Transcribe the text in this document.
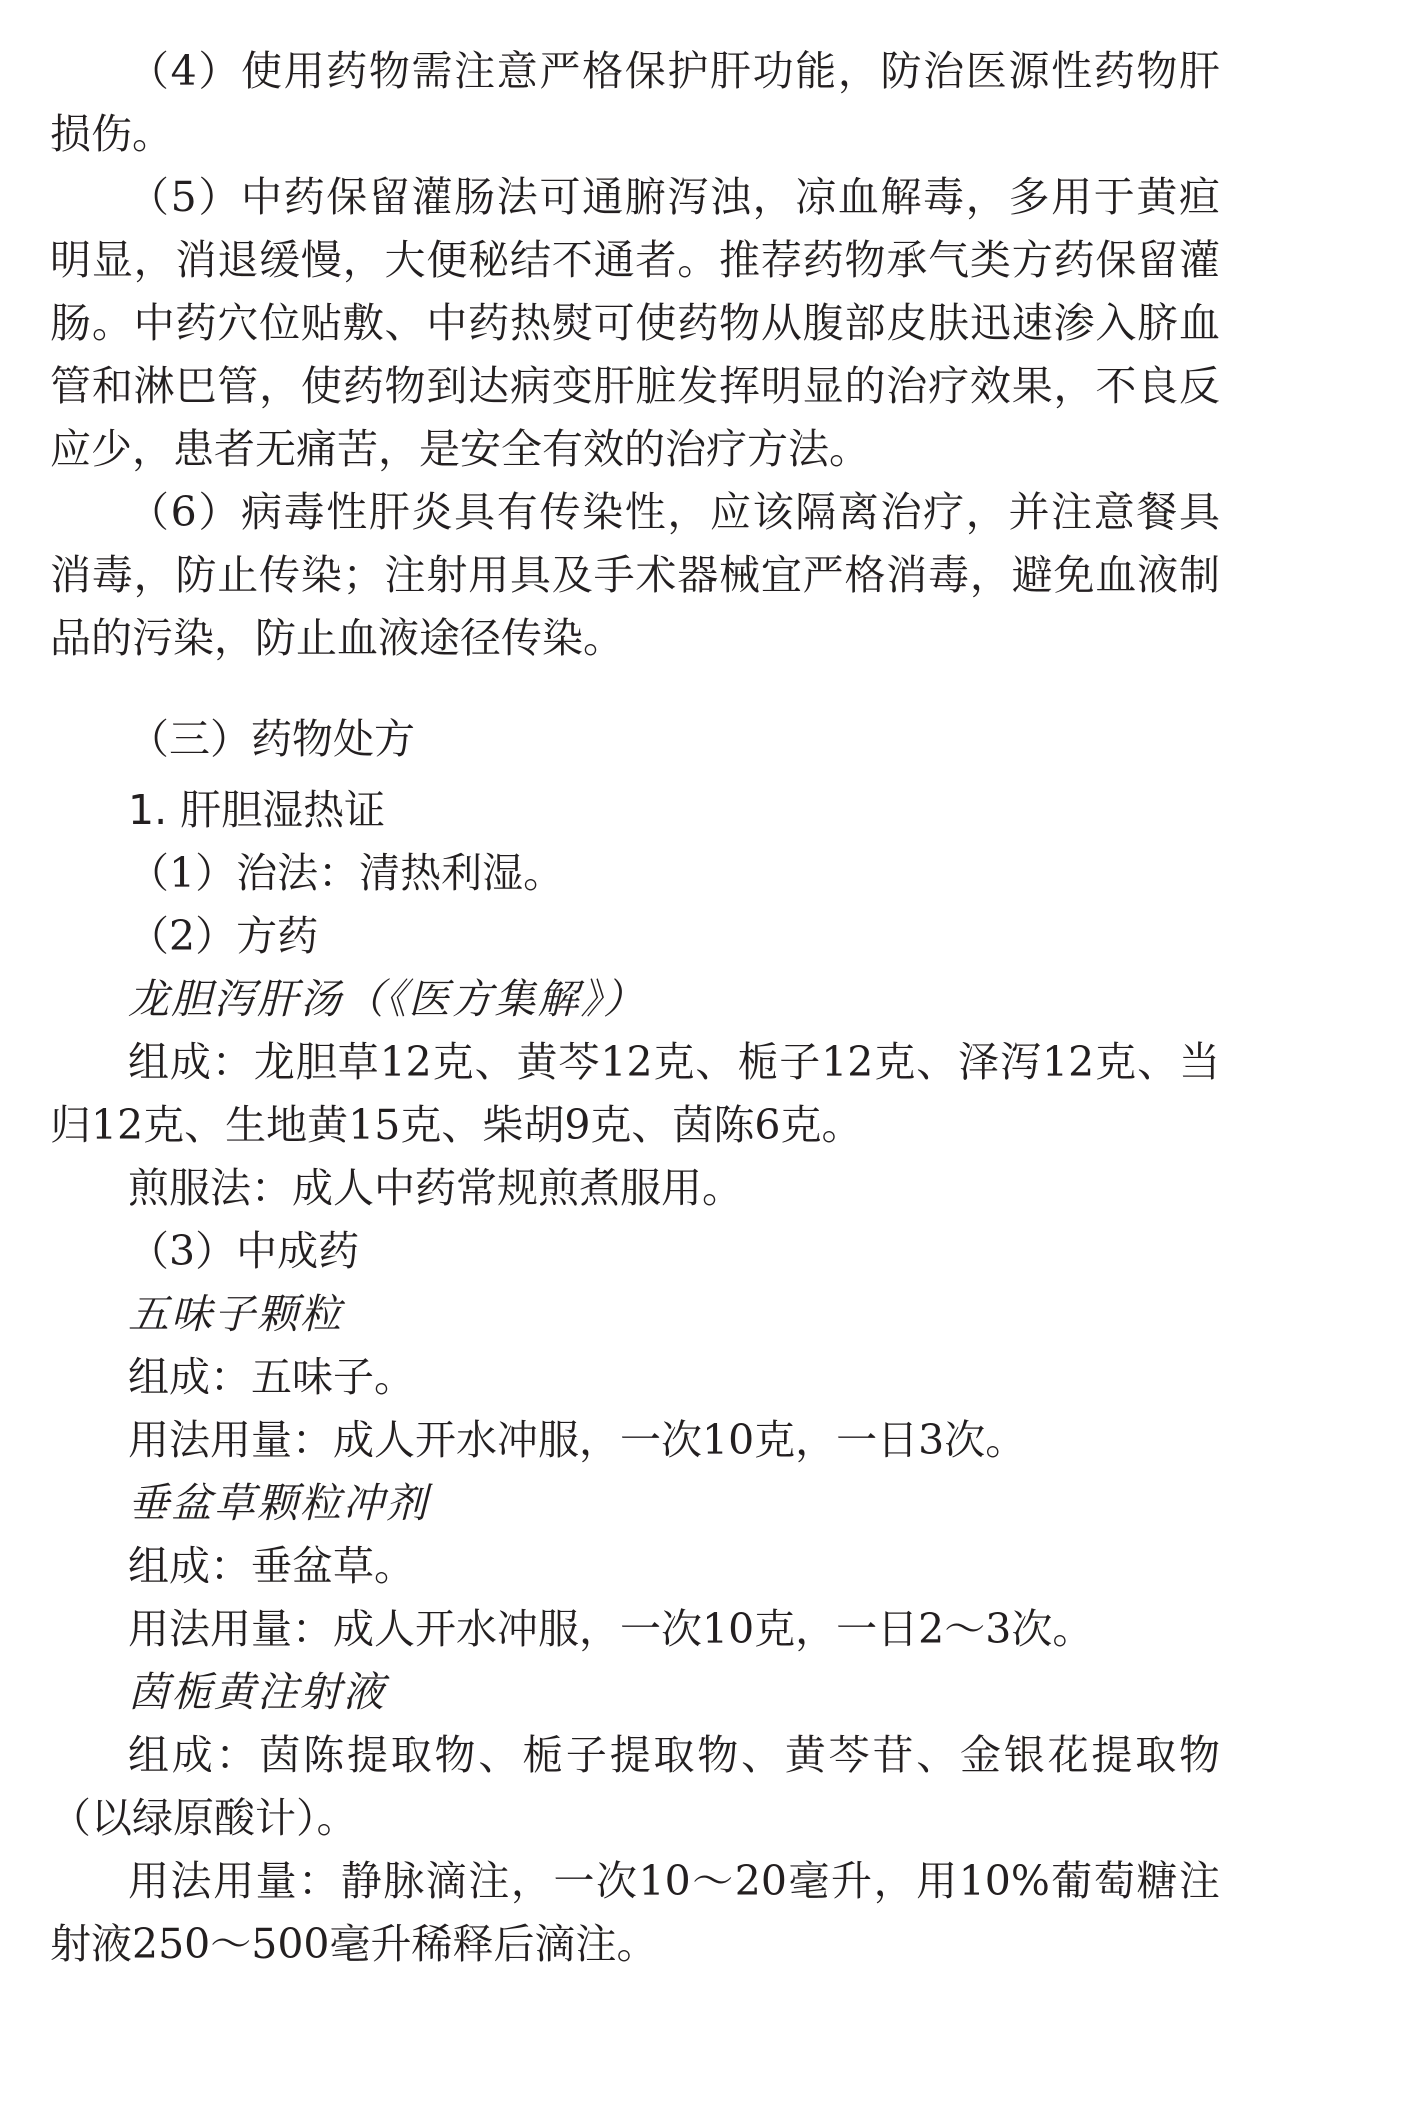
（4）使用药物需注意严格保护肝功能，防治医源性药物肝损伤。

（5）中药保留灌肠法可通腑泻浊，凉血解毒，多用于黄疸明显，消退缓慢，大便秘结不通者。推荐药物承气类方药保留灌肠。中药穴位贴敷、中药热熨可使药物从腹部皮肤迅速渗入脐血管和淋巴管，使药物到达病变肝脏发挥明显的治疗效果，不良反应少，患者无痛苦，是安全有效的治疗方法。

（6）病毒性肝炎具有传染性，应该隔离治疗，并注意餐具消毒，防止传染；注射用具及手术器械宜严格消毒，避免血液制品的污染，防止血液途径传染。

（三）药物处方
1. 肝胆湿热证

（1）治法：清热利湿。

（2）方药

龙胆泻肝汤（《医方集解》）

组成：龙胆草12克、黄芩12克、栀子12克、泽泻12克、当归12克、生地黄15克、柴胡9克、茵陈6克。

煎服法：成人中药常规煎煮服用。

（3）中成药

五味子颗粒

组成：五味子。

用法用量：成人开水冲服，一次10克，一日3次。

垂盆草颗粒冲剂

组成：垂盆草。

用法用量：成人开水冲服，一次10克，一日2～3次。

茵栀黄注射液

组成：茵陈提取物、栀子提取物、黄芩苷、金银花提取物（以绿原酸计）。

用法用量：静脉滴注，一次10～20毫升，用10%葡萄糖注射液250～500毫升稀释后滴注。
